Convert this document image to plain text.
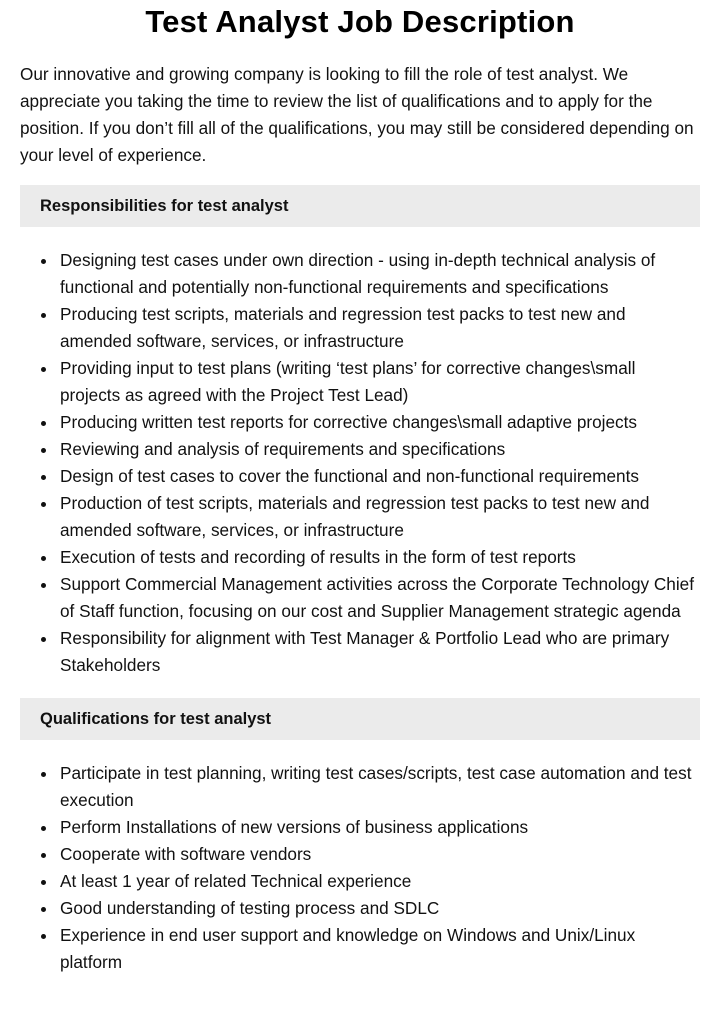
Test Analyst Job Description

Our innovative and growing company is looking to fill the role of test analyst. We appreciate you taking the time to review the list of qualifications and to apply for the position. If you don’t fill all of the qualifications, you may still be considered depending on your level of experience.

Responsibilities for test analyst
Designing test cases under own direction - using in-depth technical analysis of functional and potentially non-functional requirements and specifications
Producing test scripts, materials and regression test packs to test new and amended software, services, or infrastructure
Providing input to test plans (writing ‘test plans’ for corrective changes\small projects as agreed with the Project Test Lead)
Producing written test reports for corrective changes\small adaptive projects
Reviewing and analysis of requirements and specifications
Design of test cases to cover the functional and non-functional requirements
Production of test scripts, materials and regression test packs to test new and amended software, services, or infrastructure
Execution of tests and recording of results in the form of test reports
Support Commercial Management activities across the Corporate Technology Chief of Staff function, focusing on our cost and Supplier Management strategic agenda
Responsibility for alignment with Test Manager & Portfolio Lead who are primary Stakeholders
Qualifications for test analyst
Participate in test planning, writing test cases/scripts, test case automation and test execution
Perform Installations of new versions of business applications
Cooperate with software vendors
At least 1 year of related Technical experience
Good understanding of testing process and SDLC
Experience in end user support and knowledge on Windows and Unix/Linux platform
